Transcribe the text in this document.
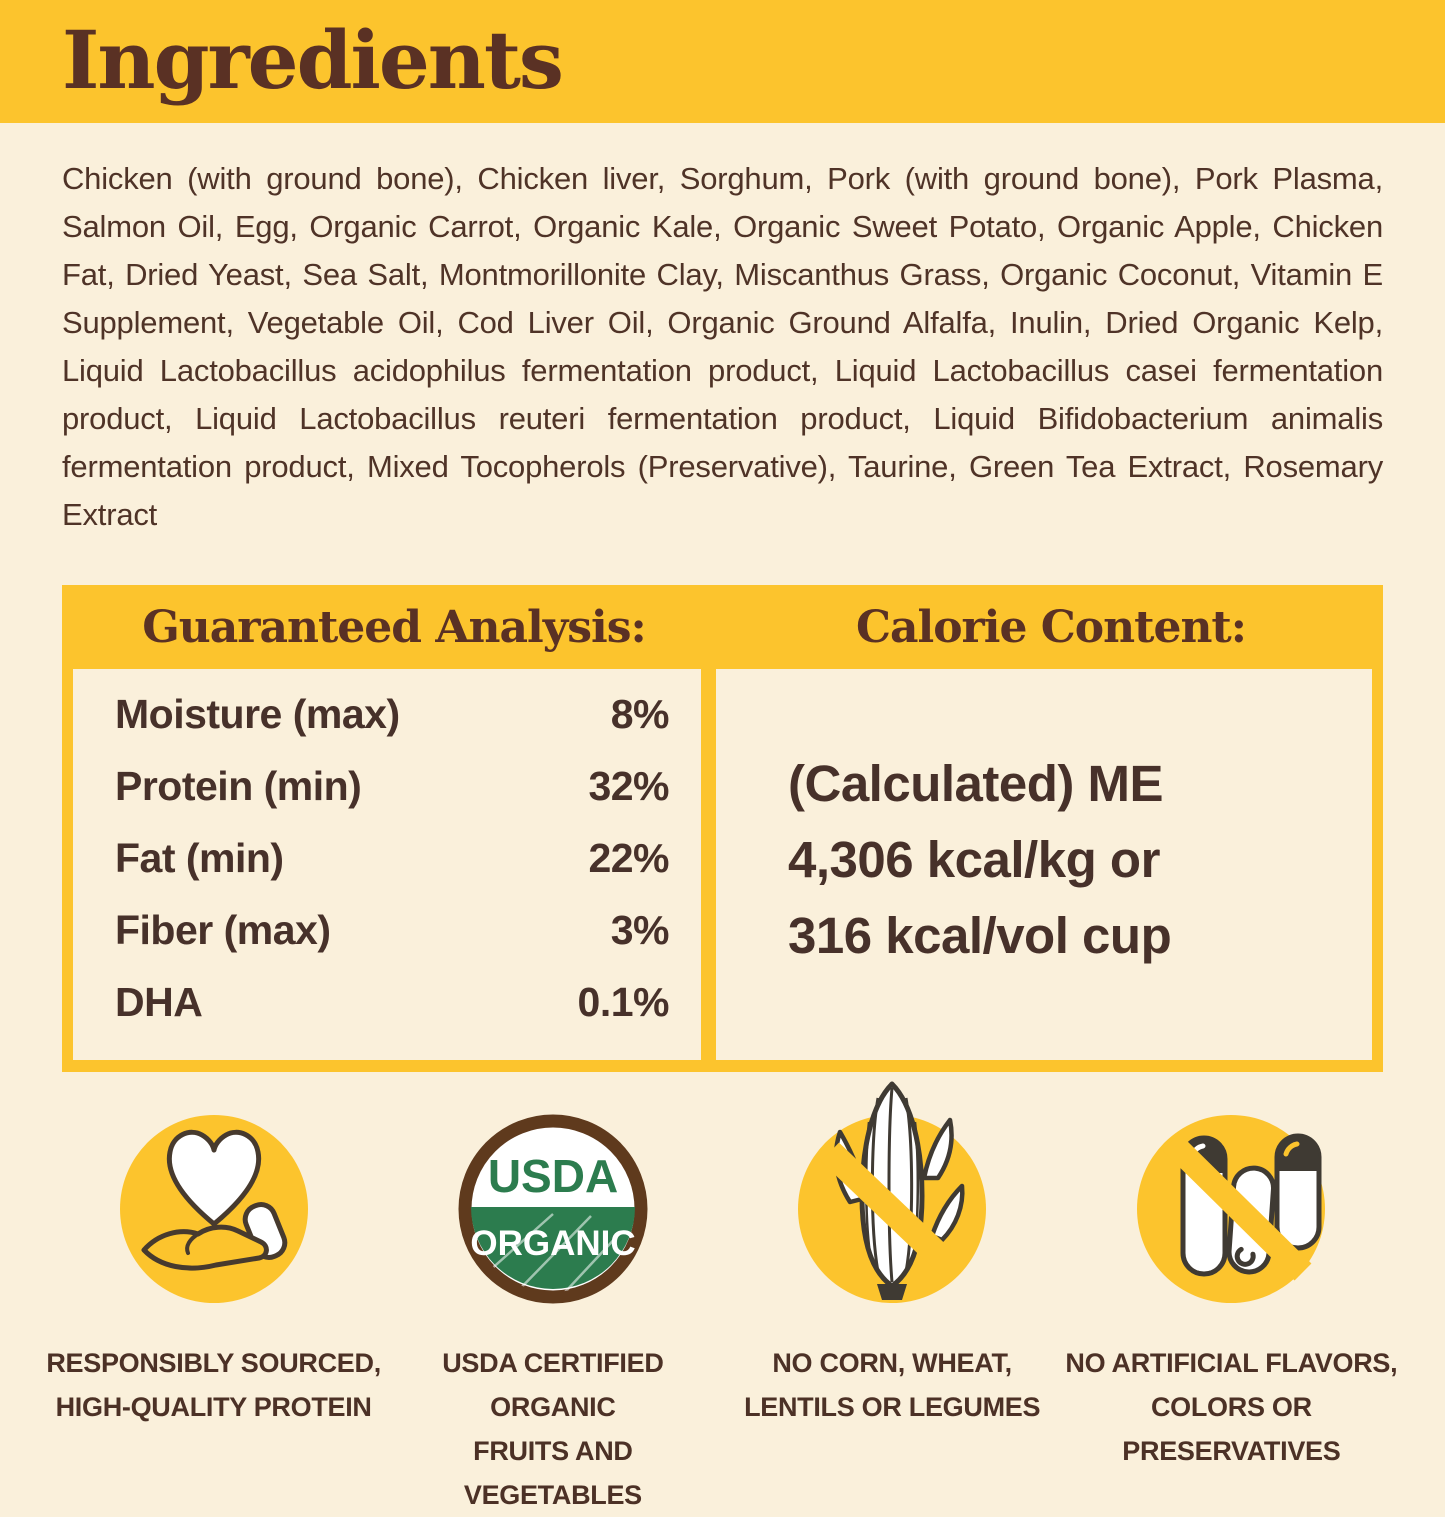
Ingredients

Chicken (with ground bone), Chicken liver, Sorghum, Pork (with ground bone), Pork Plasma, Salmon Oil, Egg, Organic Carrot, Organic Kale, Organic Sweet Potato, Organic Apple, Chicken Fat, Dried Yeast, Sea Salt, Montmorillonite Clay, Miscanthus Grass, Organic Coconut, Vitamin E Supplement, Vegetable Oil, Cod Liver Oil, Organic Ground Alfalfa, Inulin, Dried Organic Kelp, Liquid Lactobacillus acidophilus fermentation product, Liquid Lactobacillus casei fermentation product, Liquid Lactobacillus reuteri fermentation product, Liquid Bifidobacterium animalis fermentation product, Mixed Tocopherols (Preservative), Taurine, Green Tea Extract, Rosemary Extract

Guaranteed Analysis:	Calorie Content:
Moisture (max)	8%
Protein (min)	32%
Fat (min)	22%
Fiber (max)	3%
DHA	0.1%
(Calculated) ME
4,306 kcal/kg or
316 kcal/vol cup
RESPONSIBLY SOURCED,
HIGH-QUALITY PROTEIN
USDA
ORGANIC
USDA CERTIFIED ORGANIC
FRUITS AND VEGETABLES
NO CORN, WHEAT,
LENTILS OR LEGUMES
NO ARTIFICIAL FLAVORS,
COLORS OR PRESERVATIVES
